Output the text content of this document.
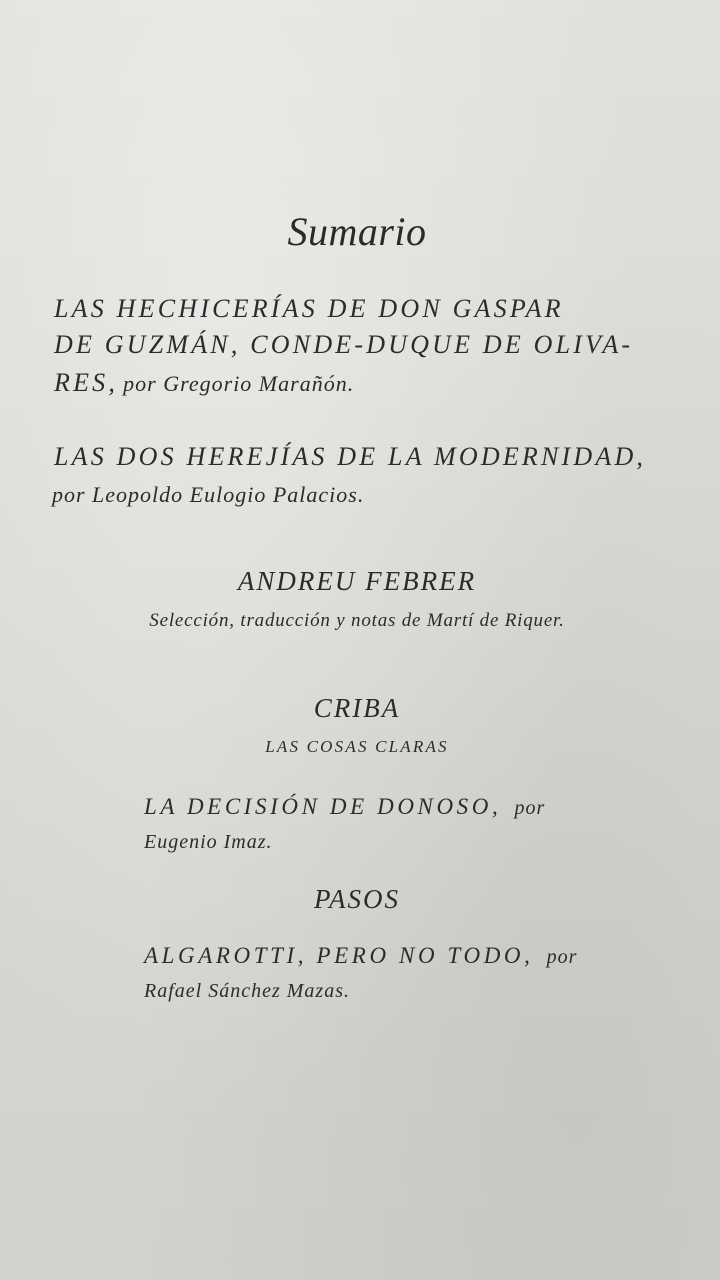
Sumario
LAS HECHICERÍAS DE DON GASPAR
DE GUZMÁN, CONDE-DUQUE DE OLIVA-
RES, por Gregorio Marañón.
LAS DOS HEREJÍAS DE LA MODERNIDAD,
por Leopoldo Eulogio Palacios.
ANDREU FEBRER
Selección, traducción y notas de Martí de Riquer.
CRIBA
LAS COSAS CLARAS
LA DECISIÓN DE DONOSO, por
Eugenio Imaz.
PASOS
ALGAROTTI, PERO NO TODO, por
Rafael Sánchez Mazas.
